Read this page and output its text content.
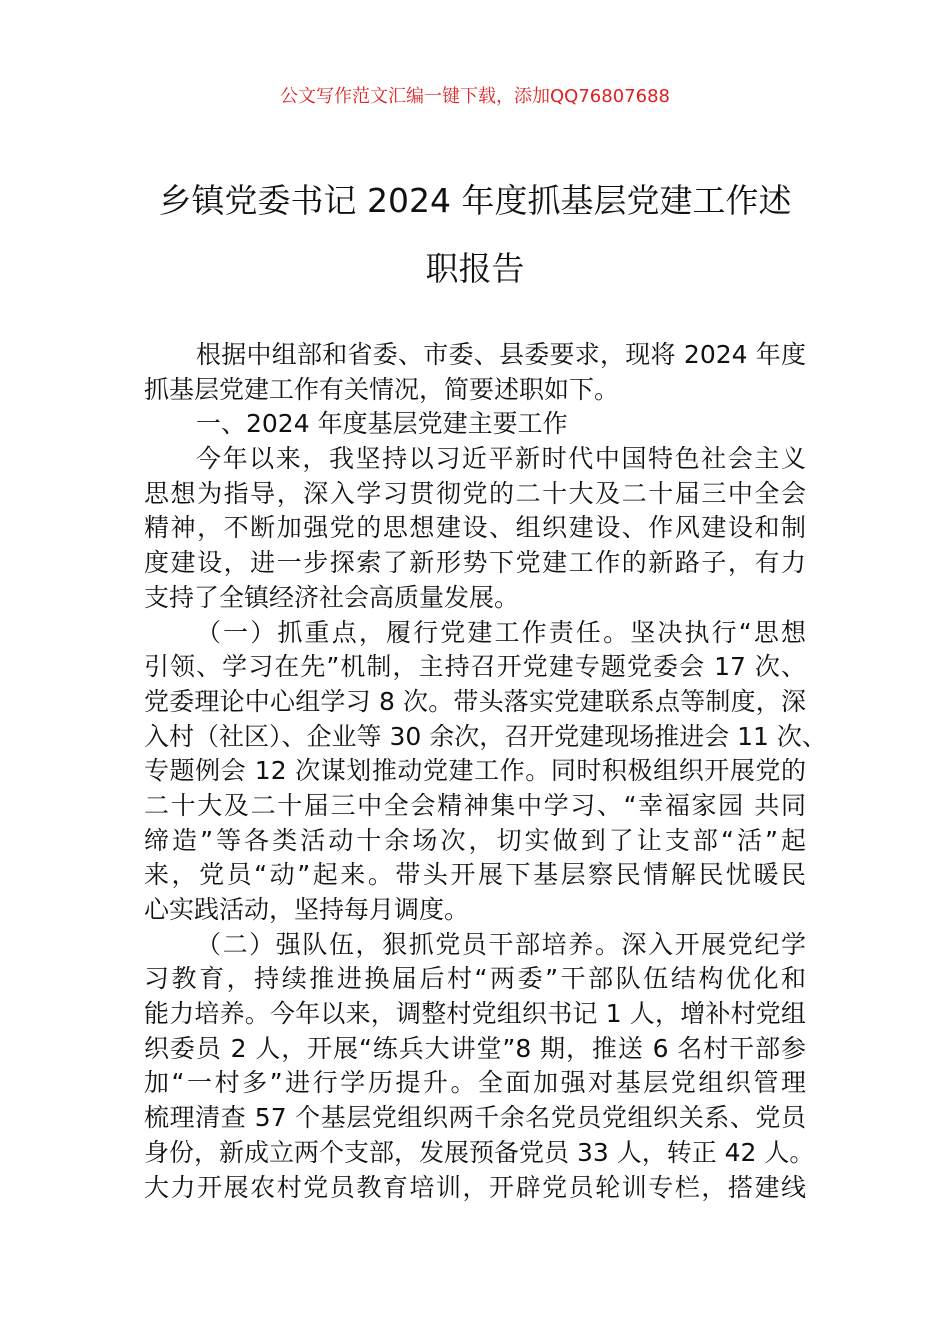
公文写作范文汇编一键下载，添加QQ76807688
乡镇党委书记 2024 年度抓基层党建工作述
职报告
根据中组部和省委、市委、县委要求，现将 2024 年度
抓基层党建工作有关情况，简要述职如下。
一、2024 年度基层党建主要工作
今年以来，我坚持以习近平新时代中国特色社会主义
思想为指导，深入学习贯彻党的二十大及二十届三中全会
精神，不断加强党的思想建设、组织建设、作风建设和制
度建设，进一步探索了新形势下党建工作的新路子，有力
支持了全镇经济社会高质量发展。
（一）抓重点，履行党建工作责任。坚决执行“思想
引领、学习在先”机制，主持召开党建专题党委会 17 次、
党委理论中心组学习 8 次。带头落实党建联系点等制度，深
入村（社区）、企业等 30 余次，召开党建现场推进会 11 次、
专题例会 12 次谋划推动党建工作。同时积极组织开展党的
二十大及二十届三中全会精神集中学习、“幸福家园 共同
缔造”等各类活动十余场次，切实做到了让支部“活”起
来，党员“动”起来。带头开展下基层察民情解民忧暖民
心实践活动，坚持每月调度。
（二）强队伍，狠抓党员干部培养。深入开展党纪学
习教育，持续推进换届后村“两委”干部队伍结构优化和
能力培养。今年以来，调整村党组织书记 1 人，增补村党组
织委员 2 人，开展“练兵大讲堂”8 期，推送 6 名村干部参
加“一村多”进行学历提升。全面加强对基层党组织管理
梳理清查 57 个基层党组织两千余名党员党组织关系、党员
身份，新成立两个支部，发展预备党员 33 人，转正 42 人。
大力开展农村党员教育培训，开辟党员轮训专栏，搭建线
